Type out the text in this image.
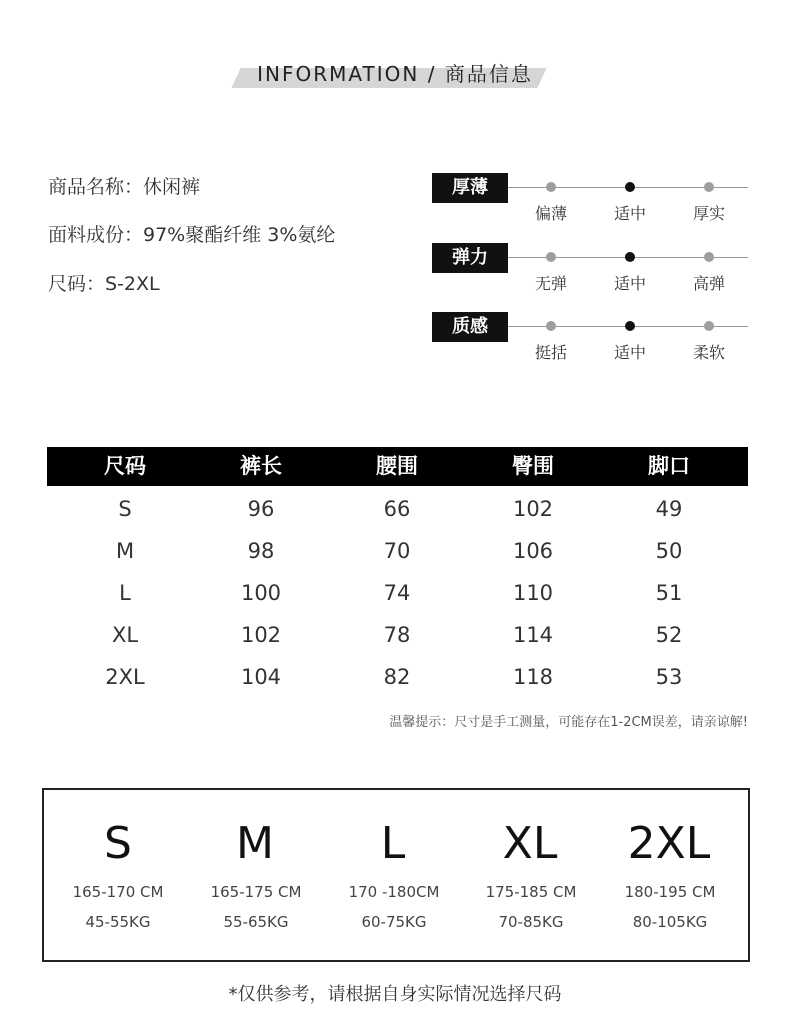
INFORMATION / 商品信息
商品名称：休闲裤
面料成份：97%聚酯纤维 3%氨纶
尺码：S-2XL
厚薄
偏薄	适中	厚实
弹力
无弹	适中	高弹
质感
挺括	适中	柔软
尺码	裤长	腰围	臀围	脚口
S	96	66	102	49
M	98	70	106	50
L	100	74	110	51
XL	102	78	114	52
2XL	104	82	118	53
温馨提示：尺寸是手工测量，可能存在1-2CM误差，请亲谅解!
S
165-170 CM
45-55KG
M
165-175 CM
55-65KG
L
170 -180CM
60-75KG
XL
175-185 CM
70-85KG
2XL
180-195 CM
80-105KG
*仅供参考，请根据自身实际情况选择尺码
